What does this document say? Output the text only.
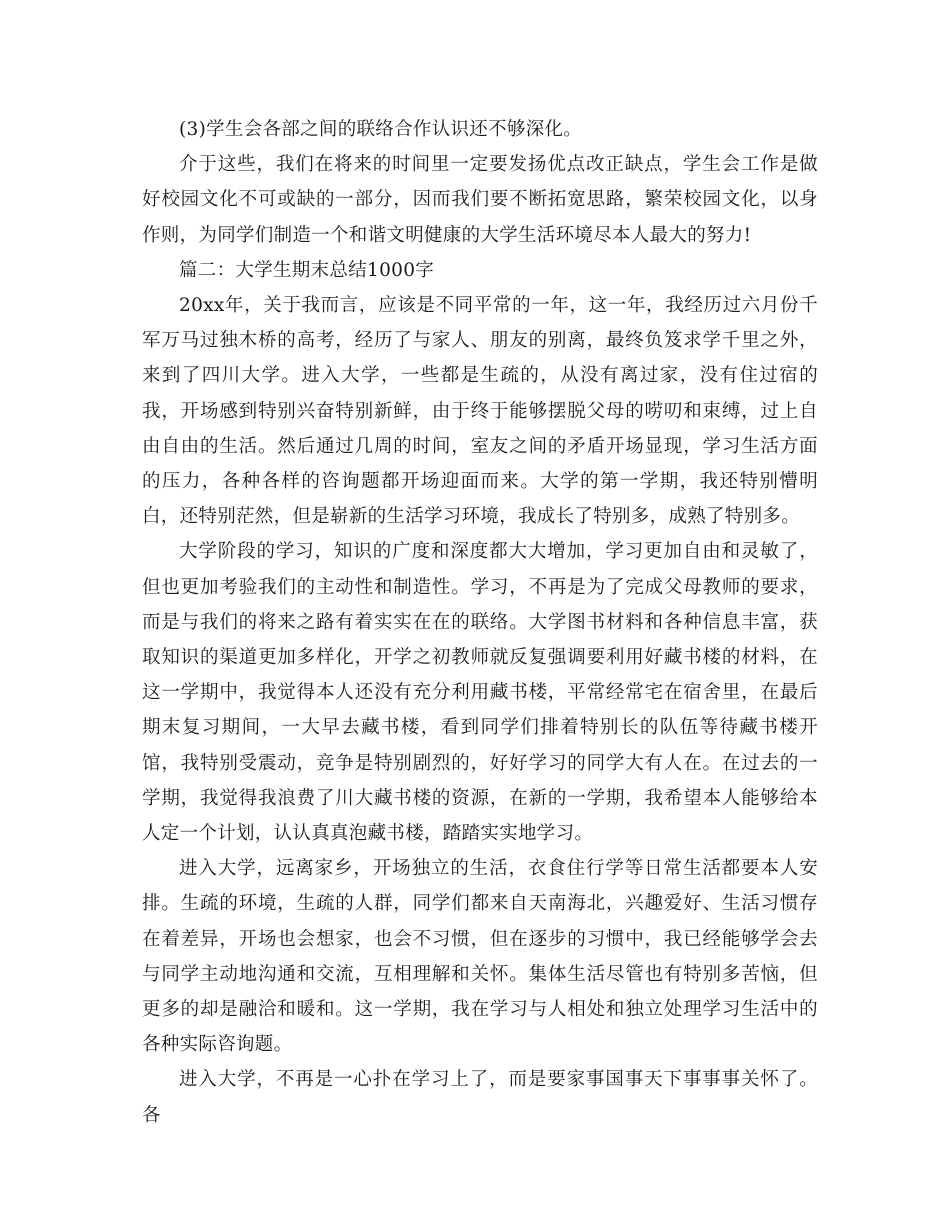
(3)学生会各部之间的联络合作认识还不够深化。

介于这些，我们在将来的时间里一定要发扬优点改正缺点，学生会工作是做好校园文化不可或缺的一部分，因而我们要不断拓宽思路，繁荣校园文化，以身作则，为同学们制造一个和谐文明健康的大学生活环境尽本人最大的努力!

篇二：大学生期末总结1000字

20xx年，关于我而言，应该是不同平常的一年，这一年，我经历过六月份千军万马过独木桥的高考，经历了与家人、朋友的别离，最终负笈求学千里之外，来到了四川大学。进入大学，一些都是生疏的，从没有离过家，没有住过宿的我，开场感到特别兴奋特别新鲜，由于终于能够摆脱父母的唠叨和束缚，过上自由自由的生活。然后通过几周的时间，室友之间的矛盾开场显现，学习生活方面的压力，各种各样的咨询题都开场迎面而来。大学的第一学期，我还特别懵明白，还特别茫然，但是崭新的生活学习环境，我成长了特别多，成熟了特别多。

大学阶段的学习，知识的广度和深度都大大增加，学习更加自由和灵敏了，但也更加考验我们的主动性和制造性。学习，不再是为了完成父母教师的要求，而是与我们的将来之路有着实实在在的联络。大学图书材料和各种信息丰富，获取知识的渠道更加多样化，开学之初教师就反复强调要利用好藏书楼的材料，在这一学期中，我觉得本人还没有充分利用藏书楼，平常经常宅在宿舍里，在最后期末复习期间，一大早去藏书楼，看到同学们排着特别长的队伍等待藏书楼开馆，我特别受震动，竞争是特别剧烈的，好好学习的同学大有人在。在过去的一学期，我觉得我浪费了川大藏书楼的资源，在新的一学期，我希望本人能够给本人定一个计划，认认真真泡藏书楼，踏踏实实地学习。

进入大学，远离家乡，开场独立的生活，衣食住行学等日常生活都要本人安排。生疏的环境，生疏的人群，同学们都来自天南海北，兴趣爱好、生活习惯存在着差异，开场也会想家，也会不习惯，但在逐步的习惯中，我已经能够学会去与同学主动地沟通和交流，互相理解和关怀。集体生活尽管也有特别多苦恼，但更多的却是融洽和暖和。这一学期，我在学习与人相处和独立处理学习生活中的各种实际咨询题。

进入大学，不再是一心扑在学习上了，而是要家事国事天下事事事关怀了。各
